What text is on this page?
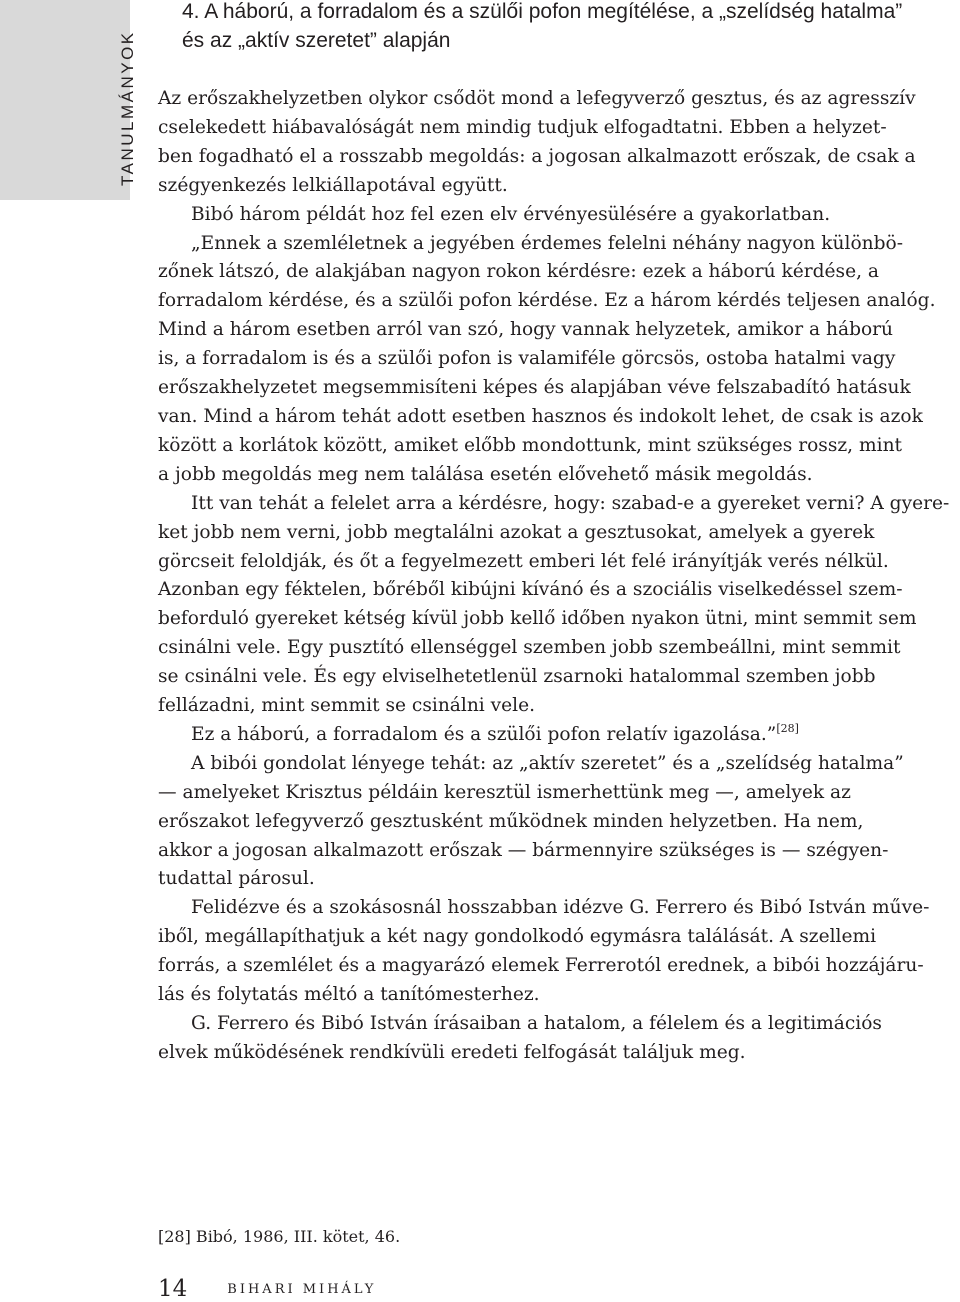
TANULMÁNYOK
4. A háború, a forradalom és a szülői pofon megítélése, a „szelídség hatalma”
és az „aktív szeretet” alapján

Az erőszakhelyzetben olykor csődöt mond a lefegyverző gesztus, és az agresszív

cselekedett hiábavalóságát nem mindig tudjuk elfogadtatni. Ebben a helyzet-

ben fogadható el a rosszabb megoldás: a jogosan alkalmazott erőszak, de csak a

szégyenkezés lelkiállapotával együtt.

Bibó három példát hoz fel ezen elv érvényesülésére a gyakorlatban.

„Ennek a szemléletnek a jegyében érdemes felelni néhány nagyon különbö-

zőnek látszó, de alakjában nagyon rokon kérdésre: ezek a háború kérdése, a

forradalom kérdése, és a szülői pofon kérdése. Ez a három kérdés teljesen analóg.

Mind a három esetben arról van szó, hogy vannak helyzetek, amikor a háború

is, a forradalom is és a szülői pofon is valamiféle görcsös, ostoba hatalmi vagy

erőszakhelyzetet megsemmisíteni képes és alapjában véve felszabadító hatásuk

van. Mind a három tehát adott esetben hasznos és indokolt lehet, de csak is azok

között a korlátok között, amiket előbb mondottunk, mint szükséges rossz, mint

a jobb megoldás meg nem találása esetén elővehető másik megoldás.

Itt van tehát a felelet arra a kérdésre, hogy: szabad-e a gyereket verni? A gyere-

ket jobb nem verni, jobb megtalálni azokat a gesztusokat, amelyek a gyerek

görcseit feloldják, és őt a fegyelmezett emberi lét felé irányítják verés nélkül.

Azonban egy féktelen, bőréből kibújni kívánó és a szociális viselkedéssel szem-

beforduló gyereket kétség kívül jobb kellő időben nyakon ütni, mint semmit sem

csinálni vele. Egy pusztító ellenséggel szemben jobb szembeállni, mint semmit

se csinálni vele. És egy elviselhetetlenül zsarnoki hatalommal szemben jobb

fellázadni, mint semmit se csinálni vele.

Ez a háború, a forradalom és a szülői pofon relatív igazolása.”[28]

A bibói gondolat lényege tehát: az „aktív szeretet” és a „szelídség hatalma”

— amelyeket Krisztus példáin keresztül ismerhettünk meg —, amelyek az

erőszakot lefegyverző gesztusként működnek minden helyzetben. Ha nem,

akkor a jogosan alkalmazott erőszak — bármennyire szükséges is — szégyen-

tudattal párosul.

Felidézve és a szokásosnál hosszabban idézve G. Ferrero és Bibó István műve-

iből, megállapíthatjuk a két nagy gondolkodó egymásra találását. A szellemi

forrás, a szemlélet és a magyarázó elemek Ferrerotól erednek, a bibói hozzájáru-

lás és folytatás méltó a tanítómesterhez.

G. Ferrero és Bibó István írásaiban a hatalom, a félelem és a legitimációs

elvek működésének rendkívüli eredeti felfogását találjuk meg.

[28] Bibó, 1986, III. kötet, 46.
14	BIHARI MIHÁLY
